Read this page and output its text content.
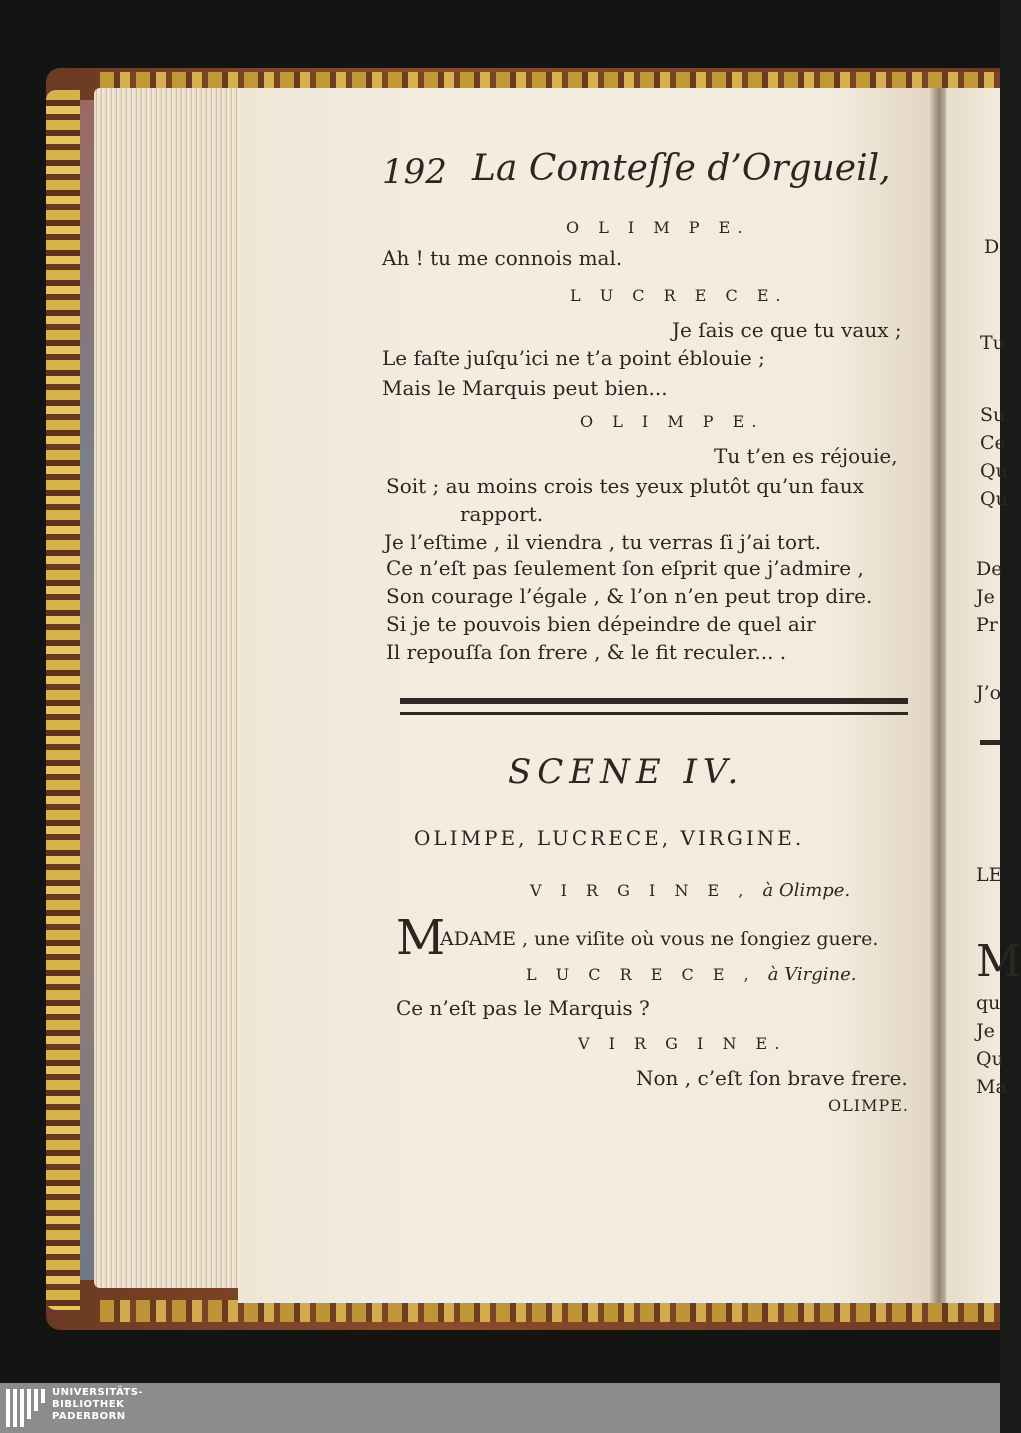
D
Tu
Su
Ce
Qu
Qu
De
Je
Pr
J’o
LE
M
qu
Je
Qu
Ma
192 La Comteſſe d’Orgueil,
O L I M P E.
Ah ! tu me connois mal.
L U C R E C E.
Je ſais ce que tu vaux ;
Le faſte juſqu’ici ne t’a point éblouie ;
Mais le Marquis peut bien...
O L I M P E.
Tu t’en es réjouie,
Soit ; au moins crois tes yeux plutôt qu’un faux
rapport.
Je l’eſtime , il viendra , tu verras ſi j’ai tort.
Ce n’eſt pas ſeulement ſon eſprit que j’admire ,
Son courage l’égale , & l’on n’en peut trop dire.
Si je te pouvois bien dépeindre de quel air
Il repouſſa ſon frere , & le fit reculer... .
SCENE IV.
OLIMPE, LUCRECE, VIRGINE.
V I R G I N E , à Olimpe.
M
ADAME , une viſite où vous ne ſongiez guere.
L U C R E C E , à Virgine.
Ce n’eſt pas le Marquis ?
V I R G I N E.
Non , c’eſt ſon brave frere.
OLIMPE.
UNIVERSITÄTS-
BIBLIOTHEK
PADERBORN
